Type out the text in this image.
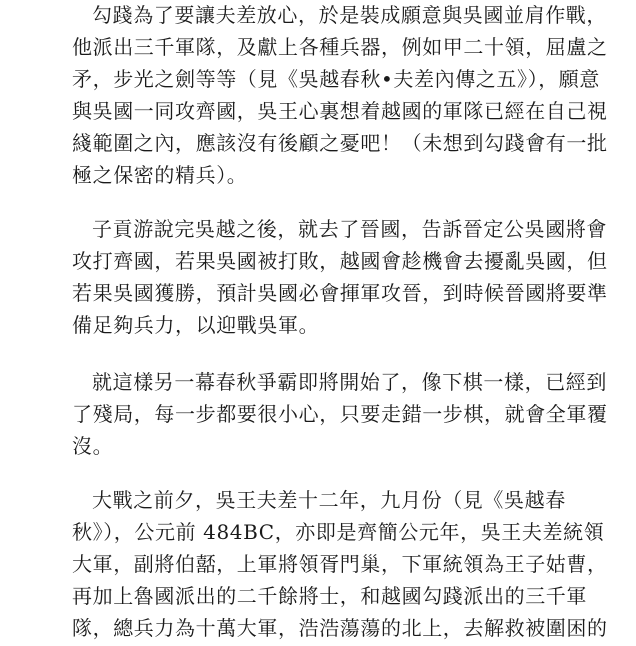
勾踐為了要讓夫差放心，於是裝成願意與吳國並肩作戰，
他派出三千軍隊，及獻上各種兵器，例如甲二十領，屈盧之
矛，步光之劍等等（見《吳越春秋•夫差內傳之五》），願意
與吳國一同攻齊國，吳王心裏想着越國的軍隊已經在自己視
綫範圍之內，應該沒有後顧之憂吧！（未想到勾踐會有一批
極之保密的精兵）。
子貢游說完吳越之後，就去了晉國，告訴晉定公吳國將會
攻打齊國，若果吳國被打敗，越國會趁機會去擾亂吳國，但
若果吳國獲勝，預計吳國必會揮軍攻晉，到時候晉國將要準
備足夠兵力，以迎戰吳軍。
就這樣另一幕春秋爭霸即將開始了，像下棋一樣，已經到
了殘局，每一步都要很小心，只要走錯一步棋，就會全軍覆
沒。
大戰之前夕，吳王夫差十二年，九月份（見《吳越春
秋》），公元前 484BC，亦即是齊簡公元年，吳王夫差統領
大軍，副將伯嚭，上軍將領胥門巢，下軍統領為王子姑曹，
再加上魯國派出的二千餘將士，和越國勾踐派出的三千軍
隊，總兵力為十萬大軍，浩浩蕩蕩的北上，去解救被圍困的
